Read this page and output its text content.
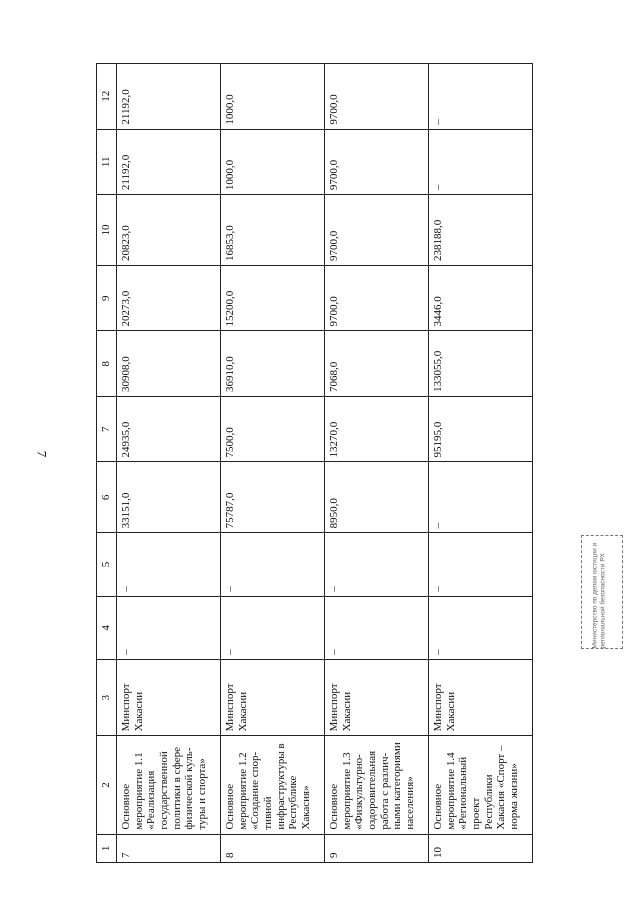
7
1	2	3	4	5	6	7	8	9	10	11	12
7	Основное мероприятие 1.1 «Реализация государственной политики в сфере физической куль-туры и спорта»	Минспорт Хакасии	–	–	33151,0	24935,0	30908,0	20273,0	20823,0	21192,0	21192,0
8	Основное мероприятие 1.2 «Создание спор-тивной инфраструктуры в Республике Хакасия»	Минспорт Хакасии	–	–	75787,0	7500,0	36910,0	15200,0	16853,0	1000,0	1000,0
9	Основное мероприятие 1.3 «Физкультурно-оздоровительная работа с различ-ными категориями населения»	Минспорт Хакасии	–	–	8950,0	13270,0	7068,0	9700,0	9700,0	9700,0	9700,0
10	Основное мероприятие 1.4 «Региональный проект Республики Хакасия «Спорт – норма жизни»	Минспорт Хакасии	–	–	–	95195,0	133055,0	3446,0	238188,0	–	–
Министерство по делам юстиции и региональной безопасности РХ
